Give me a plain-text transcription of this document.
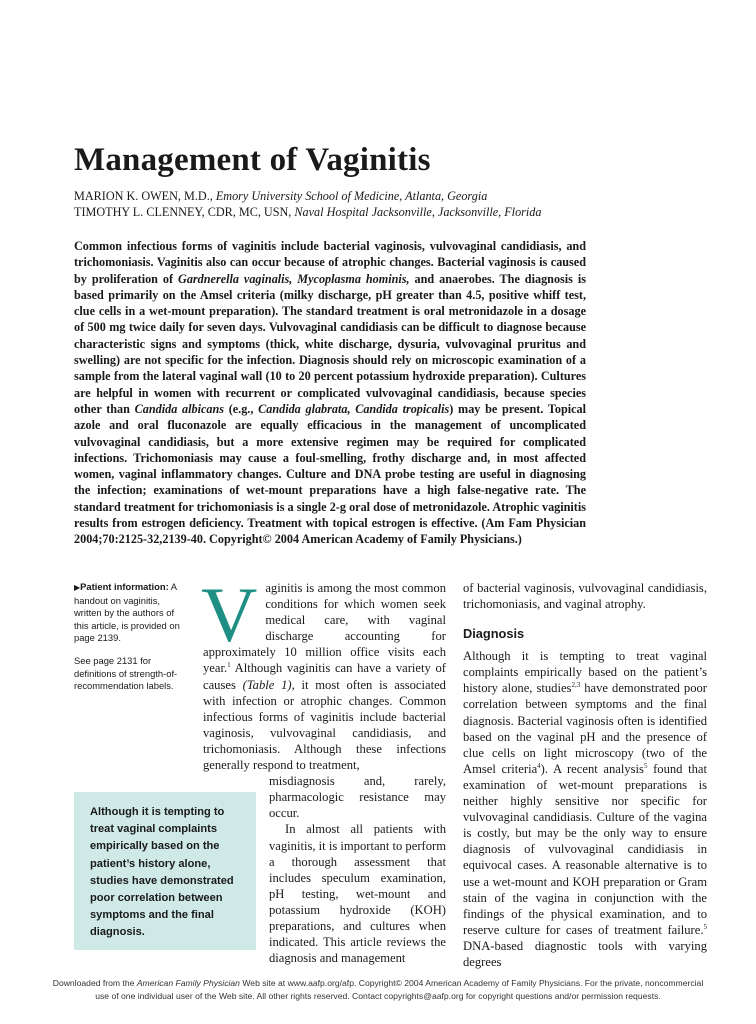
Management of Vaginitis
MARION K. OWEN, M.D., Emory University School of Medicine, Atlanta, Georgia
TIMOTHY L. CLENNEY, CDR, MC, USN, Naval Hospital Jacksonville, Jacksonville, Florida
Common infectious forms of vaginitis include bacterial vaginosis, vulvovaginal candidiasis, and trichomoniasis. Vaginitis also can occur because of atrophic changes. Bacterial vaginosis is caused by proliferation of Gardnerella vaginalis, Mycoplasma hominis, and anaerobes. The diagnosis is based primarily on the Amsel criteria (milky discharge, pH greater than 4.5, positive whiff test, clue cells in a wet-mount preparation). The standard treatment is oral metronidazole in a dosage of 500 mg twice daily for seven days. Vulvovaginal candidiasis can be difficult to diagnose because characteristic signs and symptoms (thick, white discharge, dysuria, vulvovaginal pruritus and swelling) are not specific for the infection. Diagnosis should rely on microscopic examination of a sample from the lateral vaginal wall (10 to 20 percent potassium hydroxide preparation). Cultures are helpful in women with recurrent or complicated vulvovaginal candidiasis, because species other than Candida albicans (e.g., Candida glabrata, Candida tropicalis) may be present. Topical azole and oral fluconazole are equally efficacious in the management of uncomplicated vulvovaginal candidiasis, but a more extensive regimen may be required for complicated infections. Trichomoniasis may cause a foul-smelling, frothy discharge and, in most affected women, vaginal inflammatory changes. Culture and DNA probe testing are useful in diagnosing the infection; examinations of wet-mount preparations have a high false-negative rate. The standard treatment for trichomoniasis is a single 2-g oral dose of metronidazole. Atrophic vaginitis results from estrogen deficiency. Treatment with topical estrogen is effective. (Am Fam Physician 2004;70:2125-32,2139-40. Copyright© 2004 American Academy of Family Physicians.)
▶Patient information: A handout on vaginitis, written by the authors of this article, is provided on page 2139.
See page 2131 for definitions of strength-of-recommendation labels.
Vaginitis is among the most common conditions for which women seek medical care, with vaginal discharge accounting for approximately 10 million office visits each year.$^1$ Although vaginitis can have a variety of causes (Table 1), it most often is associated with infection or atrophic changes. Common infectious forms of vaginitis include bacterial vaginosis, vulvovaginal candidiasis, and trichomoniasis. Although these infections generally respond to treatment,
misdiagnosis and, rarely, pharmacologic resistance may occur.
In almost all patients with vaginitis, it is important to perform a thorough assessment that includes speculum examination, pH testing, wet-mount and potassium hydroxide (KOH) preparations, and cultures when indicated. This article reviews the diagnosis and management
Although it is tempting to treat vaginal complaints empirically based on the patient’s history alone, studies have demonstrated poor correlation between symptoms and the final diagnosis.
of bacterial vaginosis, vulvovaginal candidiasis, trichomoniasis, and vaginal atrophy.
Diagnosis
Although it is tempting to treat vaginal complaints empirically based on the patient’s history alone, studies$^{2,3}$ have demonstrated poor correlation between symptoms and the final diagnosis. Bacterial vaginosis often is identified based on the vaginal pH and the presence of clue cells on light microscopy (two of the Amsel criteria$^4$). A recent analysis$^5$ found that examination of wet-mount preparations is neither highly sensitive nor specific for vulvovaginal candidiasis. Culture of the vagina is costly, but may be the only way to ensure diagnosis of vulvovaginal candidiasis in equivocal cases. A reasonable alternative is to use a wet-mount and KOH preparation or Gram stain of the vagina in conjunction with the findings of the physical examination, and to reserve culture for cases of treatment failure.$^5$ DNA-based diagnostic tools with varying degrees
Downloaded from the American Family Physician Web site at www.aafp.org/afp. Copyright© 2004 American Academy of Family Physicians. For the private, noncommercial
use of one individual user of the Web site. All other rights reserved. Contact copyrights@aafp.org for copyright questions and/or permission requests.
